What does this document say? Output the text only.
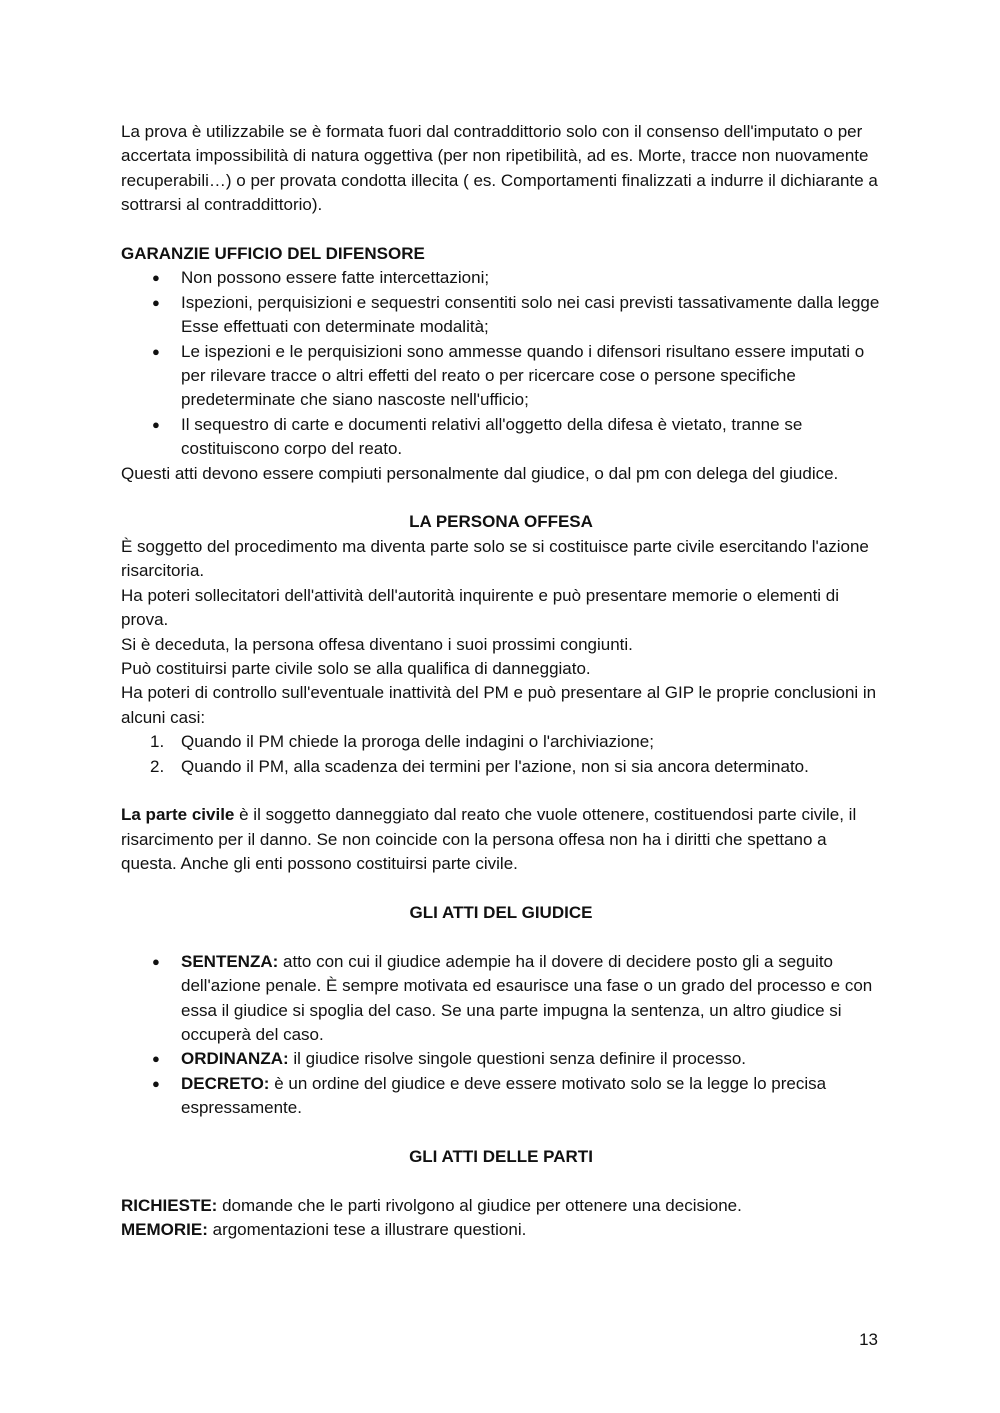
La prova è utilizzabile se è formata fuori dal contraddittorio solo con il consenso dell'imputato o per accertata impossibilità di natura oggettiva (per non ripetibilità, ad es. Morte, tracce non nuovamente recuperabili…) o per provata condotta illecita ( es. Comportamenti finalizzati a indurre il dichiarante a sottrarsi al contraddittorio).

GARANZIE UFFICIO DEL DIFENSORE

● Non possono essere fatte intercettazioni;
● Ispezioni, perquisizioni e sequestri consentiti solo nei casi previsti tassativamente dalla legge Esse effettuati con determinate modalità;
● Le ispezioni e le perquisizioni sono ammesse quando i difensori risultano essere imputati o per rilevare tracce o altri effetti del reato o per ricercare cose o persone specifiche predeterminate che siano nascoste nell'ufficio;
● Il sequestro di carte e documenti relativi all'oggetto della difesa è vietato, tranne se costituiscono corpo del reato.

Questi atti devono essere compiuti personalmente dal giudice, o dal pm con delega del giudice.

LA PERSONA OFFESA

È soggetto del procedimento ma diventa parte solo se si costituisce parte civile esercitando l'azione risarcitoria.

Ha poteri sollecitatori dell'attività dell'autorità inquirente e può presentare memorie o elementi di prova.

Si è deceduta, la persona offesa diventano i suoi prossimi congiunti.

Può costituirsi parte civile solo se alla qualifica di danneggiato.

Ha poteri di controllo sull'eventuale inattività del PM e può presentare al GIP le proprie conclusioni in alcuni casi:

1. Quando il PM chiede la proroga delle indagini o l'archiviazione;
2. Quando il PM, alla scadenza dei termini per l'azione, non si sia ancora determinato.

La parte civile è il soggetto danneggiato dal reato che vuole ottenere, costituendosi parte civile, il risarcimento per il danno. Se non coincide con la persona offesa non ha i diritti che spettano a questa. Anche gli enti possono costituirsi parte civile.

GLI ATTI DEL GIUDICE

● SENTENZA: atto con cui il giudice adempie ha il dovere di decidere posto gli a seguito dell'azione penale. È sempre motivata ed esaurisce una fase o un grado del processo e con essa il giudice si spoglia del caso. Se una parte impugna la sentenza, un altro giudice si occuperà del caso.
● ORDINANZA: il giudice risolve singole questioni senza definire il processo.
● DECRETO: è un ordine del giudice e deve essere motivato solo se la legge lo precisa espressamente.

GLI ATTI DELLE PARTI

RICHIESTE: domande che le parti rivolgono al giudice per ottenere una decisione.

MEMORIE: argomentazioni tese a illustrare questioni.

13
